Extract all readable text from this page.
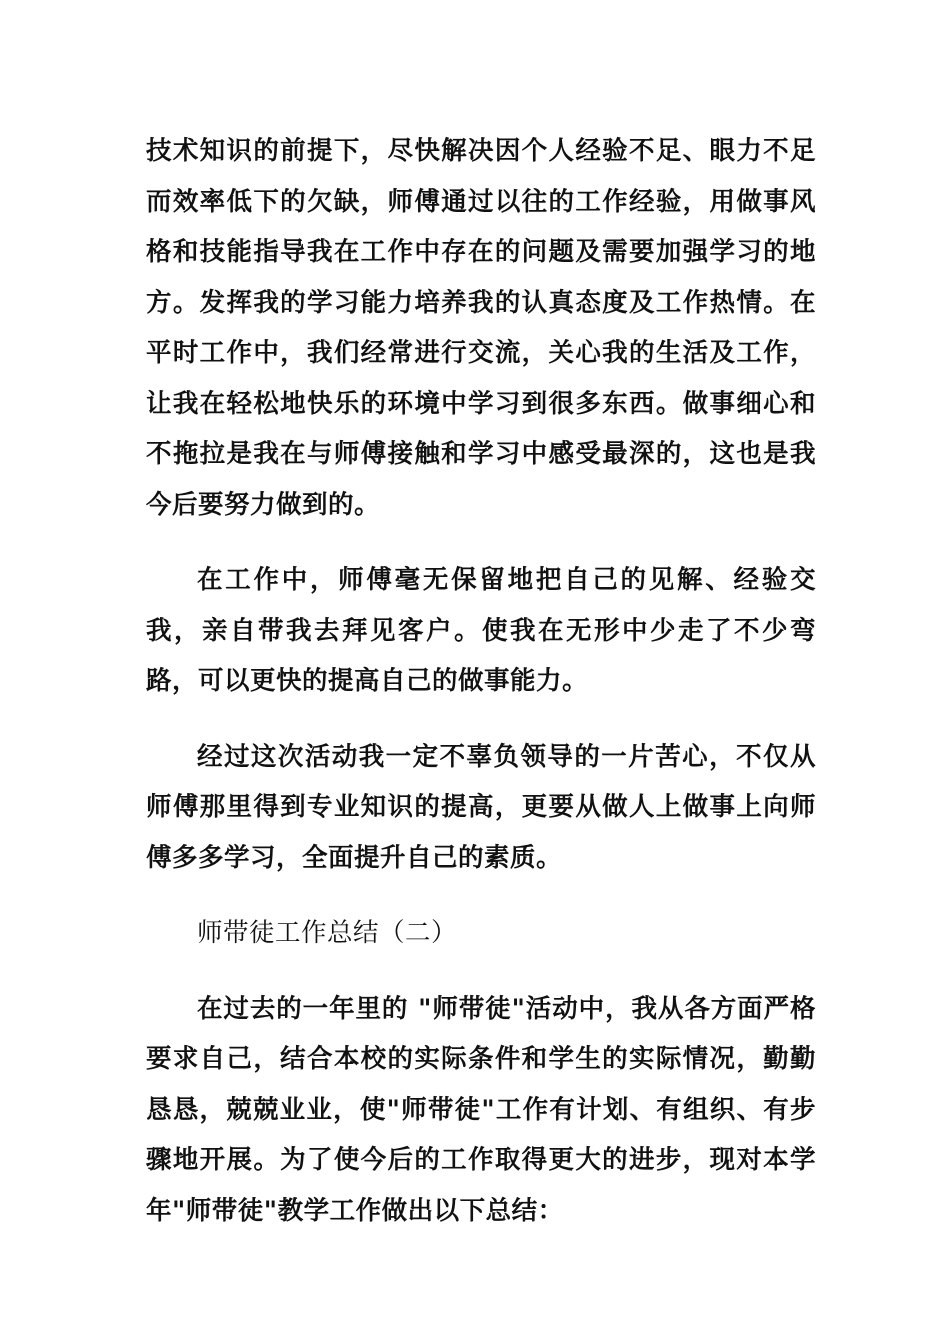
技术知识的前提下，尽快解决因个人经验不足、眼力不足而效率低下的欠缺，师傅通过以往的工作经验，用做事风格和技能指导我在工作中存在的问题及需要加强学习的地方。发挥我的学习能力培养我的认真态度及工作热情。在平时工作中，我们经常进行交流，关心我的生活及工作，让我在轻松地快乐的环境中学习到很多东西。做事细心和不拖拉是我在与师傅接触和学习中感受最深的，这也是我今后要努力做到的。

在工作中，师傅毫无保留地把自己的见解、经验交我，亲自带我去拜见客户。使我在无形中少走了不少弯路，可以更快的提高自己的做事能力。

经过这次活动我一定不辜负领导的一片苦心，不仅从师傅那里得到专业知识的提高，更要从做人上做事上向师傅多多学习，全面提升自己的素质。

师带徒工作总结（二）

在过去的一年里的 "师带徒"活动中，我从各方面严格要求自己，结合本校的实际条件和学生的实际情况，勤勤恳恳，兢兢业业，使"师带徒"工作有计划、有组织、有步骤地开展。为了使今后的工作取得更大的进步，现对本学年"师带徒"教学工作做出以下总结：
